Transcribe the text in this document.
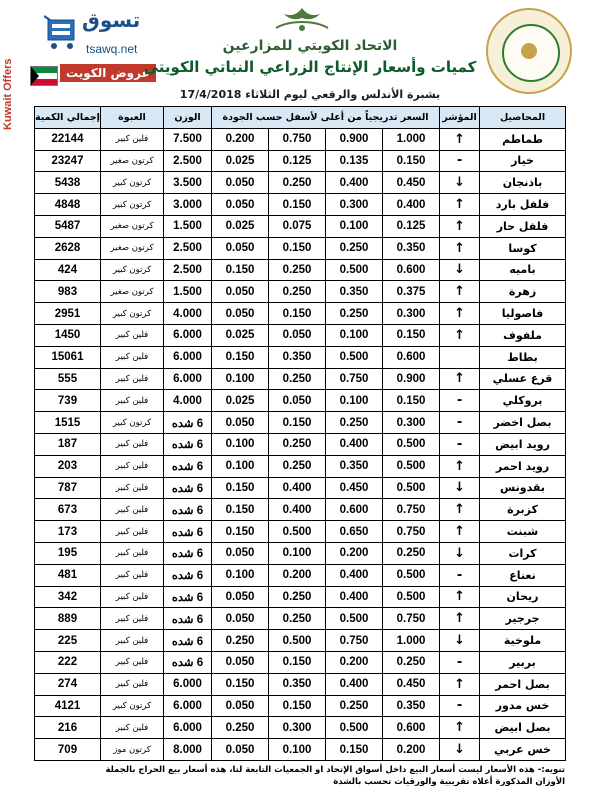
Kuwait Offers
تسوق
tsawq.net
عروض الكويت
الاتحاد الكويتي للمزارعين
كميات وأسعار الإنتاج الزراعي النباتي الكويتي
بشبرة الأندلس والرقعي ليوم الثلاثاء 17/4/2018
المحاصيل	المؤشر	السعر تدريجياً من أعلى لأسفل حسب الجودة				الوزن	العبوة	إجمالي الكمية
طماطم	↑	1.000	0.900	0.750	0.200	7.500	فلين كبير	22144
خيار	-	0.150	0.135	0.125	0.025	2.500	كرتون صغير	23247
باذنجان	↓	0.450	0.400	0.250	0.050	3.500	كرتون كبير	5438
فلفل بارد	↑	0.400	0.300	0.150	0.050	3.000	كرتون كبير	4848
فلفل حار	↑	0.125	0.100	0.075	0.025	1.500	كرتون صغير	5487
كوسا	↑	0.350	0.250	0.150	0.050	2.500	كرتون صغير	2628
باميه	↓	0.600	0.500	0.250	0.150	2.500	كرتون كبير	424
زهرة	↑	0.375	0.350	0.250	0.050	1.500	كرتون صغير	983
فاصوليا	↑	0.300	0.250	0.150	0.050	4.000	كرتون كبير	2951
ملفوف	↑	0.150	0.100	0.050	0.025	6.000	فلين كبير	1450
بطاط		0.600	0.500	0.350	0.150	6.000	فلين كبير	15061
قرع عسلي	↑	0.900	0.750	0.250	0.100	6.000	فلين كبير	555
بروكلي	-	0.150	0.100	0.050	0.025	4.000	فلين كبير	739
بصل اخضر	-	0.300	0.250	0.150	0.050	6 شده	كرتون كبير	1515
رويد ابيض	-	0.500	0.400	0.250	0.100	6 شده	فلين كبير	187
رويد احمر	↑	0.500	0.350	0.250	0.100	6 شده	فلين كبير	203
بقدونس	↓	0.500	0.450	0.400	0.150	6 شده	فلين كبير	787
كزبرة	↑	0.750	0.600	0.400	0.150	6 شده	فلين كبير	673
شبنت	↑	0.750	0.650	0.500	0.150	6 شده	فلين كبير	173
كرات	↓	0.250	0.200	0.100	0.050	6 شده	فلين كبير	195
نعناع	-	0.500	0.400	0.200	0.100	6 شده	فلين كبير	481
ريحان	↑	0.500	0.400	0.250	0.050	6 شده	فلين كبير	342
جرجير	↑	0.750	0.500	0.250	0.050	6 شده	فلين كبير	889
ملوخية	↓	1.000	0.750	0.500	0.250	6 شده	فلين كبير	225
بربير	-	0.250	0.200	0.150	0.050	6 شده	فلين كبير	222
بصل احمر	↑	0.450	0.400	0.350	0.150	6.000	فلين كبير	274
خس مدور	-	0.350	0.250	0.150	0.050	6.000	كرتون كبير	4121
بصل ابيض	↑	0.600	0.500	0.300	0.250	6.000	فلين كبير	216
خس عربي	↓	0.200	0.150	0.100	0.050	8.000	كرتون موز	709
تنويه:- هذه الأسعار ليست أسعار البيع داخل أسواق الإتحاد او الجمعيات التابعة لنا، هذه أسعار بيع الحراج بالجملة
الأوزان المذكورة أعلاه تقريبية والورقيات تحسب بالشدة
